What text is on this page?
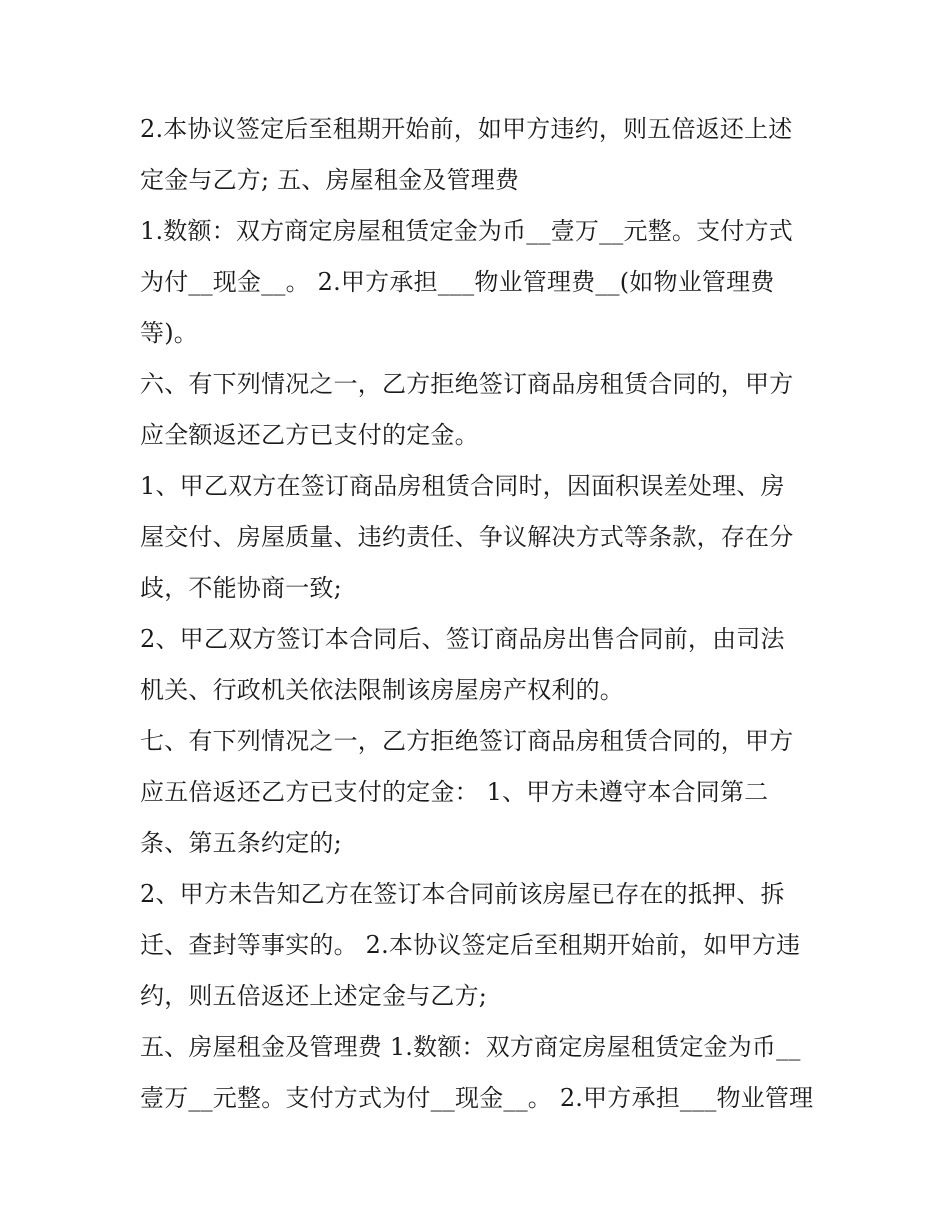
2.本协议签定后至租期开始前，如甲方违约，则五倍返还上述
定金与乙方; 五、房屋租金及管理费
1.数额：双方商定房屋租赁定金为币__壹万__元整。支付方式
为付__现金__。 2.甲方承担___物业管理费__(如物业管理费
等)。
六、有下列情况之一，乙方拒绝签订商品房租赁合同的，甲方
应全额返还乙方已支付的定金。
1、甲乙双方在签订商品房租赁合同时，因面积误差处理、房
屋交付、房屋质量、违约责任、争议解决方式等条款，存在分
歧，不能协商一致;
2、甲乙双方签订本合同后、签订商品房出售合同前，由司法
机关、行政机关依法限制该房屋房产权利的。
七、有下列情况之一，乙方拒绝签订商品房租赁合同的，甲方
应五倍返还乙方已支付的定金： 1、甲方未遵守本合同第二
条、第五条约定的;
2、甲方未告知乙方在签订本合同前该房屋已存在的抵押、拆
迁、查封等事实的。 2.本协议签定后至租期开始前，如甲方违
约，则五倍返还上述定金与乙方;
五、房屋租金及管理费 1.数额：双方商定房屋租赁定金为币__
壹万__元整。支付方式为付__现金__。 2.甲方承担___物业管理
